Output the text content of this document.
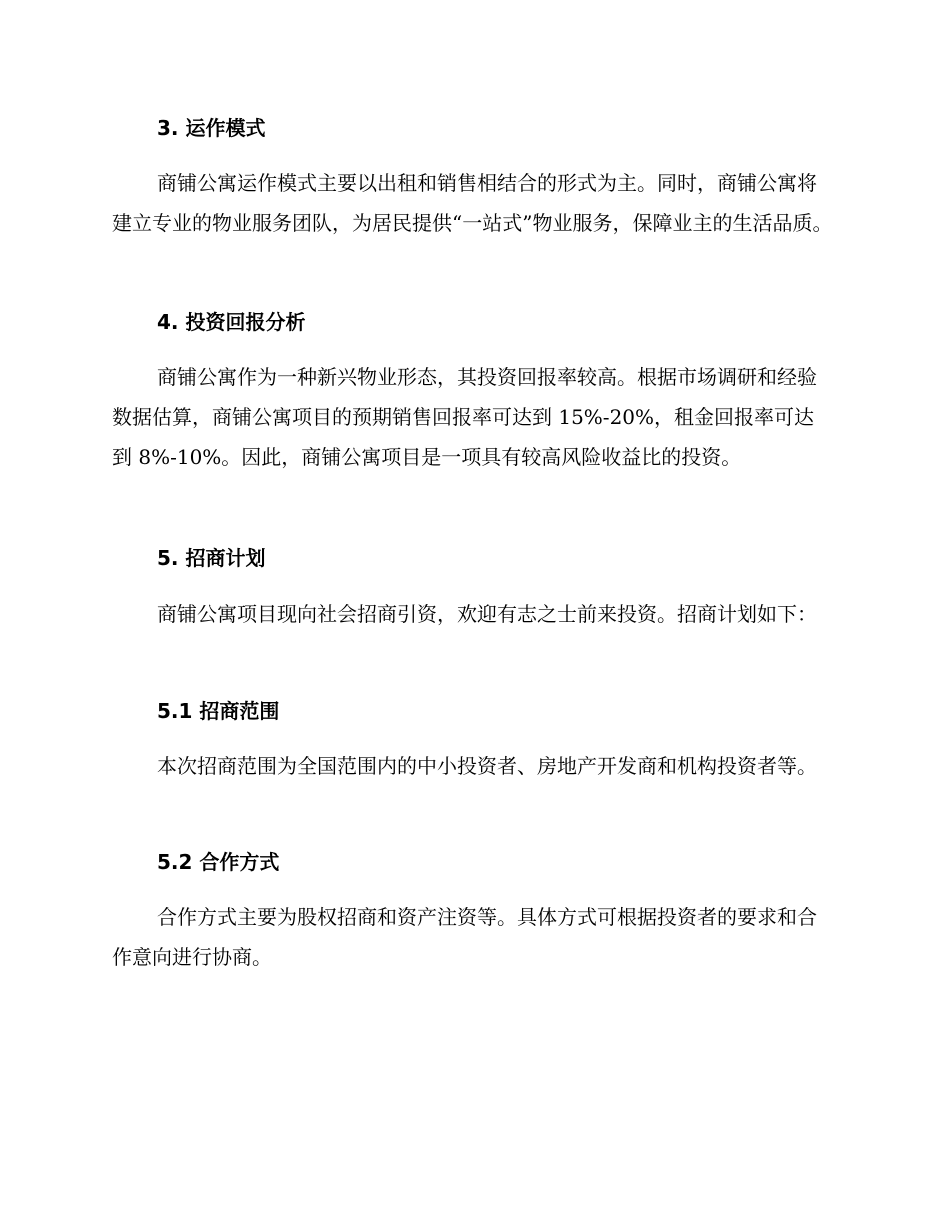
3. 运作模式

商铺公寓运作模式主要以出租和销售相结合的形式为主。同时，商铺公寓将建立专业的物业服务团队，为居民提供“一站式”物业服务，保障业主的生活品质。

4. 投资回报分析

商铺公寓作为一种新兴物业形态，其投资回报率较高。根据市场调研和经验数据估算，商铺公寓项目的预期销售回报率可达到 15%-20%，租金回报率可达到 8%-10%。因此，商铺公寓项目是一项具有较高风险收益比的投资。

5. 招商计划

商铺公寓项目现向社会招商引资，欢迎有志之士前来投资。招商计划如下：

5.1 招商范围

本次招商范围为全国范围内的中小投资者、房地产开发商和机构投资者等。

5.2 合作方式

合作方式主要为股权招商和资产注资等。具体方式可根据投资者的要求和合作意向进行协商。
